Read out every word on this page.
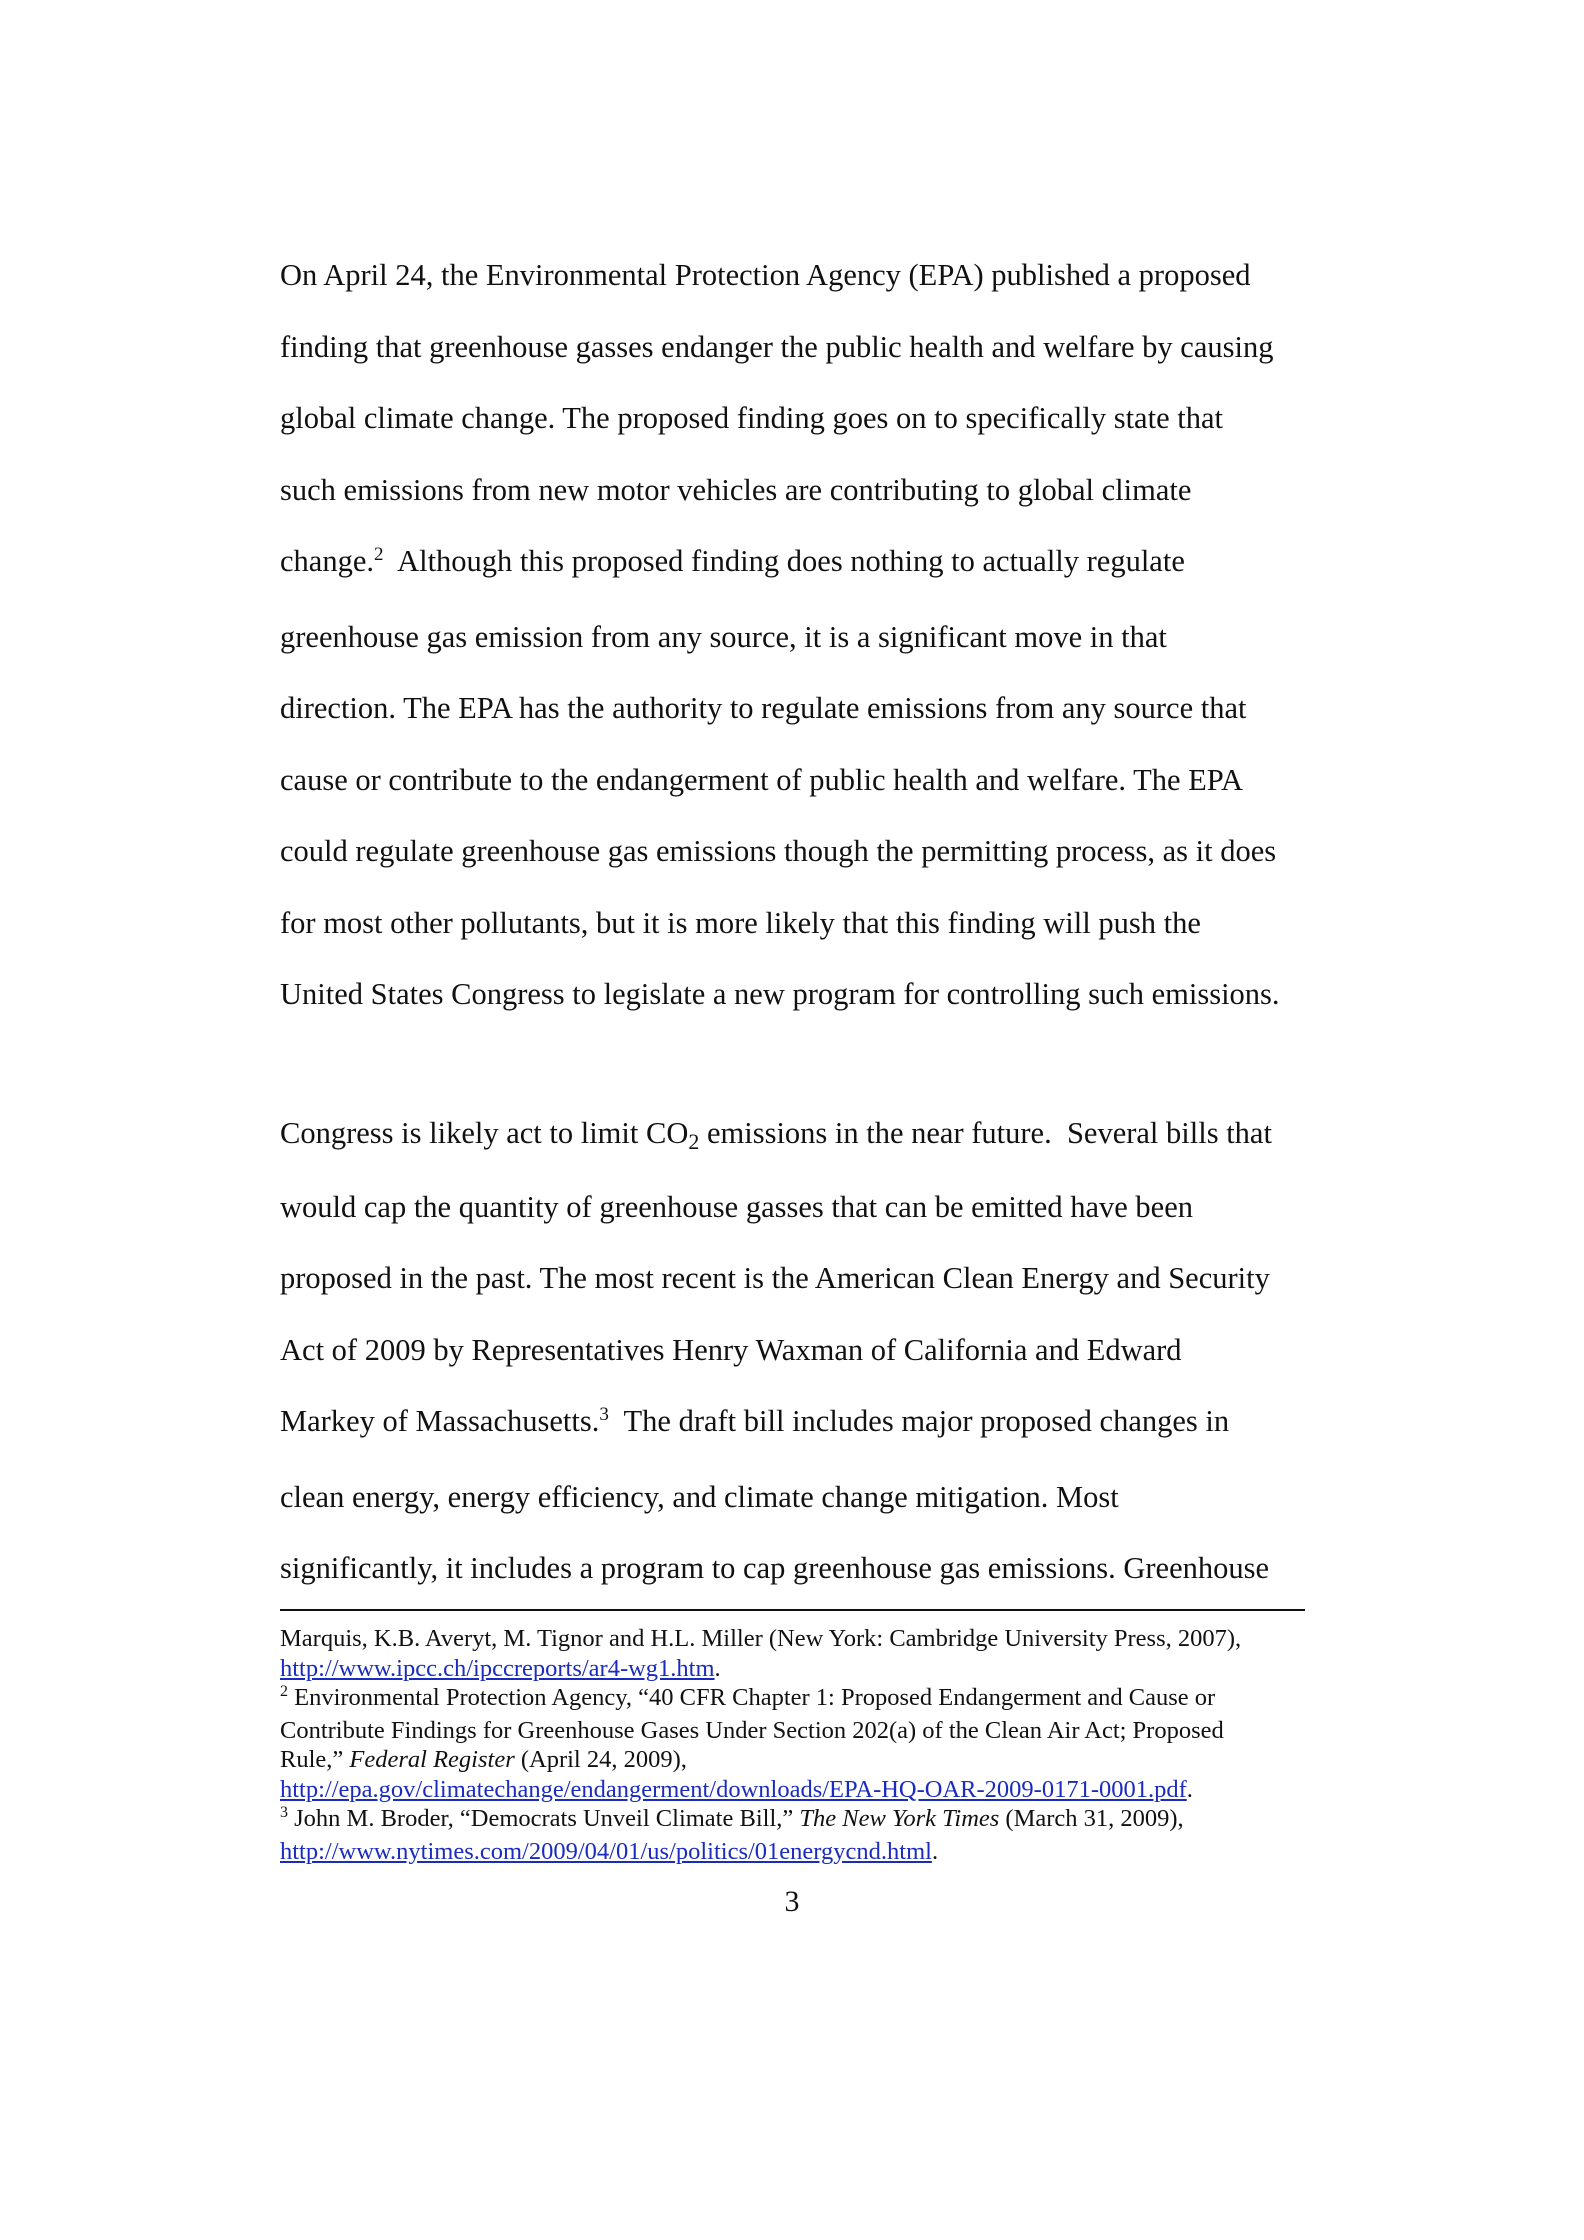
On April 24, the Environmental Protection Agency (EPA) published a proposed
finding that greenhouse gasses endanger the public health and welfare by causing
global climate change. The proposed finding goes on to specifically state that
such emissions from new motor vehicles are contributing to global climate
change.$^2$  Although this proposed finding does nothing to actually regulate
greenhouse gas emission from any source, it is a significant move in that
direction. The EPA has the authority to regulate emissions from any source that
cause or contribute to the endangerment of public health and welfare. The EPA
could regulate greenhouse gas emissions though the permitting process, as it does
for most other pollutants, but it is more likely that this finding will push the
United States Congress to legislate a new program for controlling such emissions.
Congress is likely act to limit $CO_2$ emissions in the near future.  Several bills that
would cap the quantity of greenhouse gasses that can be emitted have been
proposed in the past. The most recent is the American Clean Energy and Security
Act of 2009 by Representatives Henry Waxman of California and Edward
Markey of Massachusetts.$^3$  The draft bill includes major proposed changes in
clean energy, energy efficiency, and climate change mitigation. Most
significantly, it includes a program to cap greenhouse gas emissions. Greenhouse
Marquis, K.B. Averyt, M. Tignor and H.L. Miller (New York: Cambridge University Press, 2007),
http://www.ipcc.ch/ipccreports/ar4-wg1.htm.
$^2$ Environmental Protection Agency, “40 CFR Chapter 1: Proposed Endangerment and Cause or
Contribute Findings for Greenhouse Gases Under Section 202(a) of the Clean Air Act; Proposed
Rule,” Federal Register (April 24, 2009),
http://epa.gov/climatechange/endangerment/downloads/EPA-HQ-OAR-2009-0171-0001.pdf.
$^3$ John M. Broder, “Democrats Unveil Climate Bill,” The New York Times (March 31, 2009),
http://www.nytimes.com/2009/04/01/us/politics/01energycnd.html.
3
